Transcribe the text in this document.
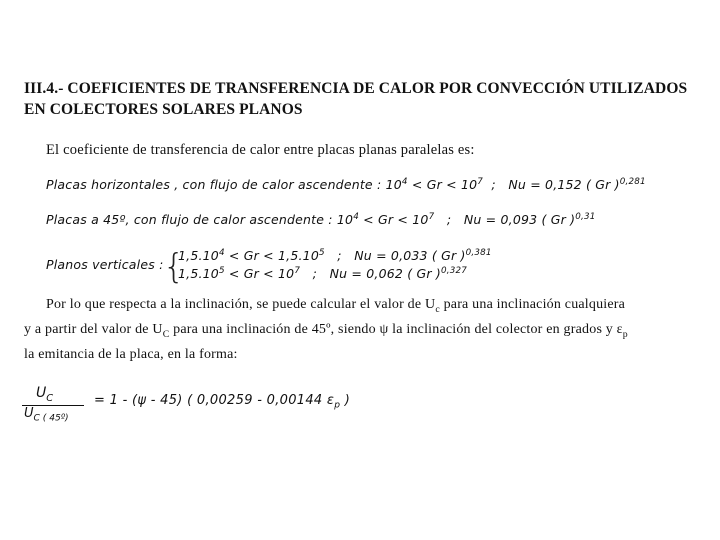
III.4.- COEFICIENTES DE TRANSFERENCIA DE CALOR POR CONVECCIÓN UTILIZADOS
EN COLECTORES SOLARES PLANOS
El coeficiente de transferencia de calor entre placas planas paralelas es:
Placas horizontales , con flujo de calor ascendente : $10^4 < Gr < 10^7$  ;   Nu = 0,152 ( Gr )$^{0,281}$
Placas a 45º, con flujo de calor ascendente : $10^4 < Gr < 10^7$   ;   Nu = 0,093 ( Gr )$^{0,31}$
Planos verticales : {
$1,5.10^4 < Gr < 1,5.10^5$   ;   Nu = 0,033 ( Gr )$^{0,381}$
$1,5.10^5 < Gr < 10^7$   ;   Nu = 0,062 ( Gr )$^{0,327}$
Por lo que respecta a la inclinación, se puede calcular el valor de $U_c$ para una inclinación cualquiera
y a partir del valor de $U_C$ para una inclinación de 45º, siendo ψ la inclinación del colector en grados y $\varepsilon_p$
la emitancia de la placa, en la forma:
$U_C$
$U_{C ( 45º)}$
= 1 - (ψ - 45) ( 0,00259 - 0,00144 $\varepsilon_p$ )
